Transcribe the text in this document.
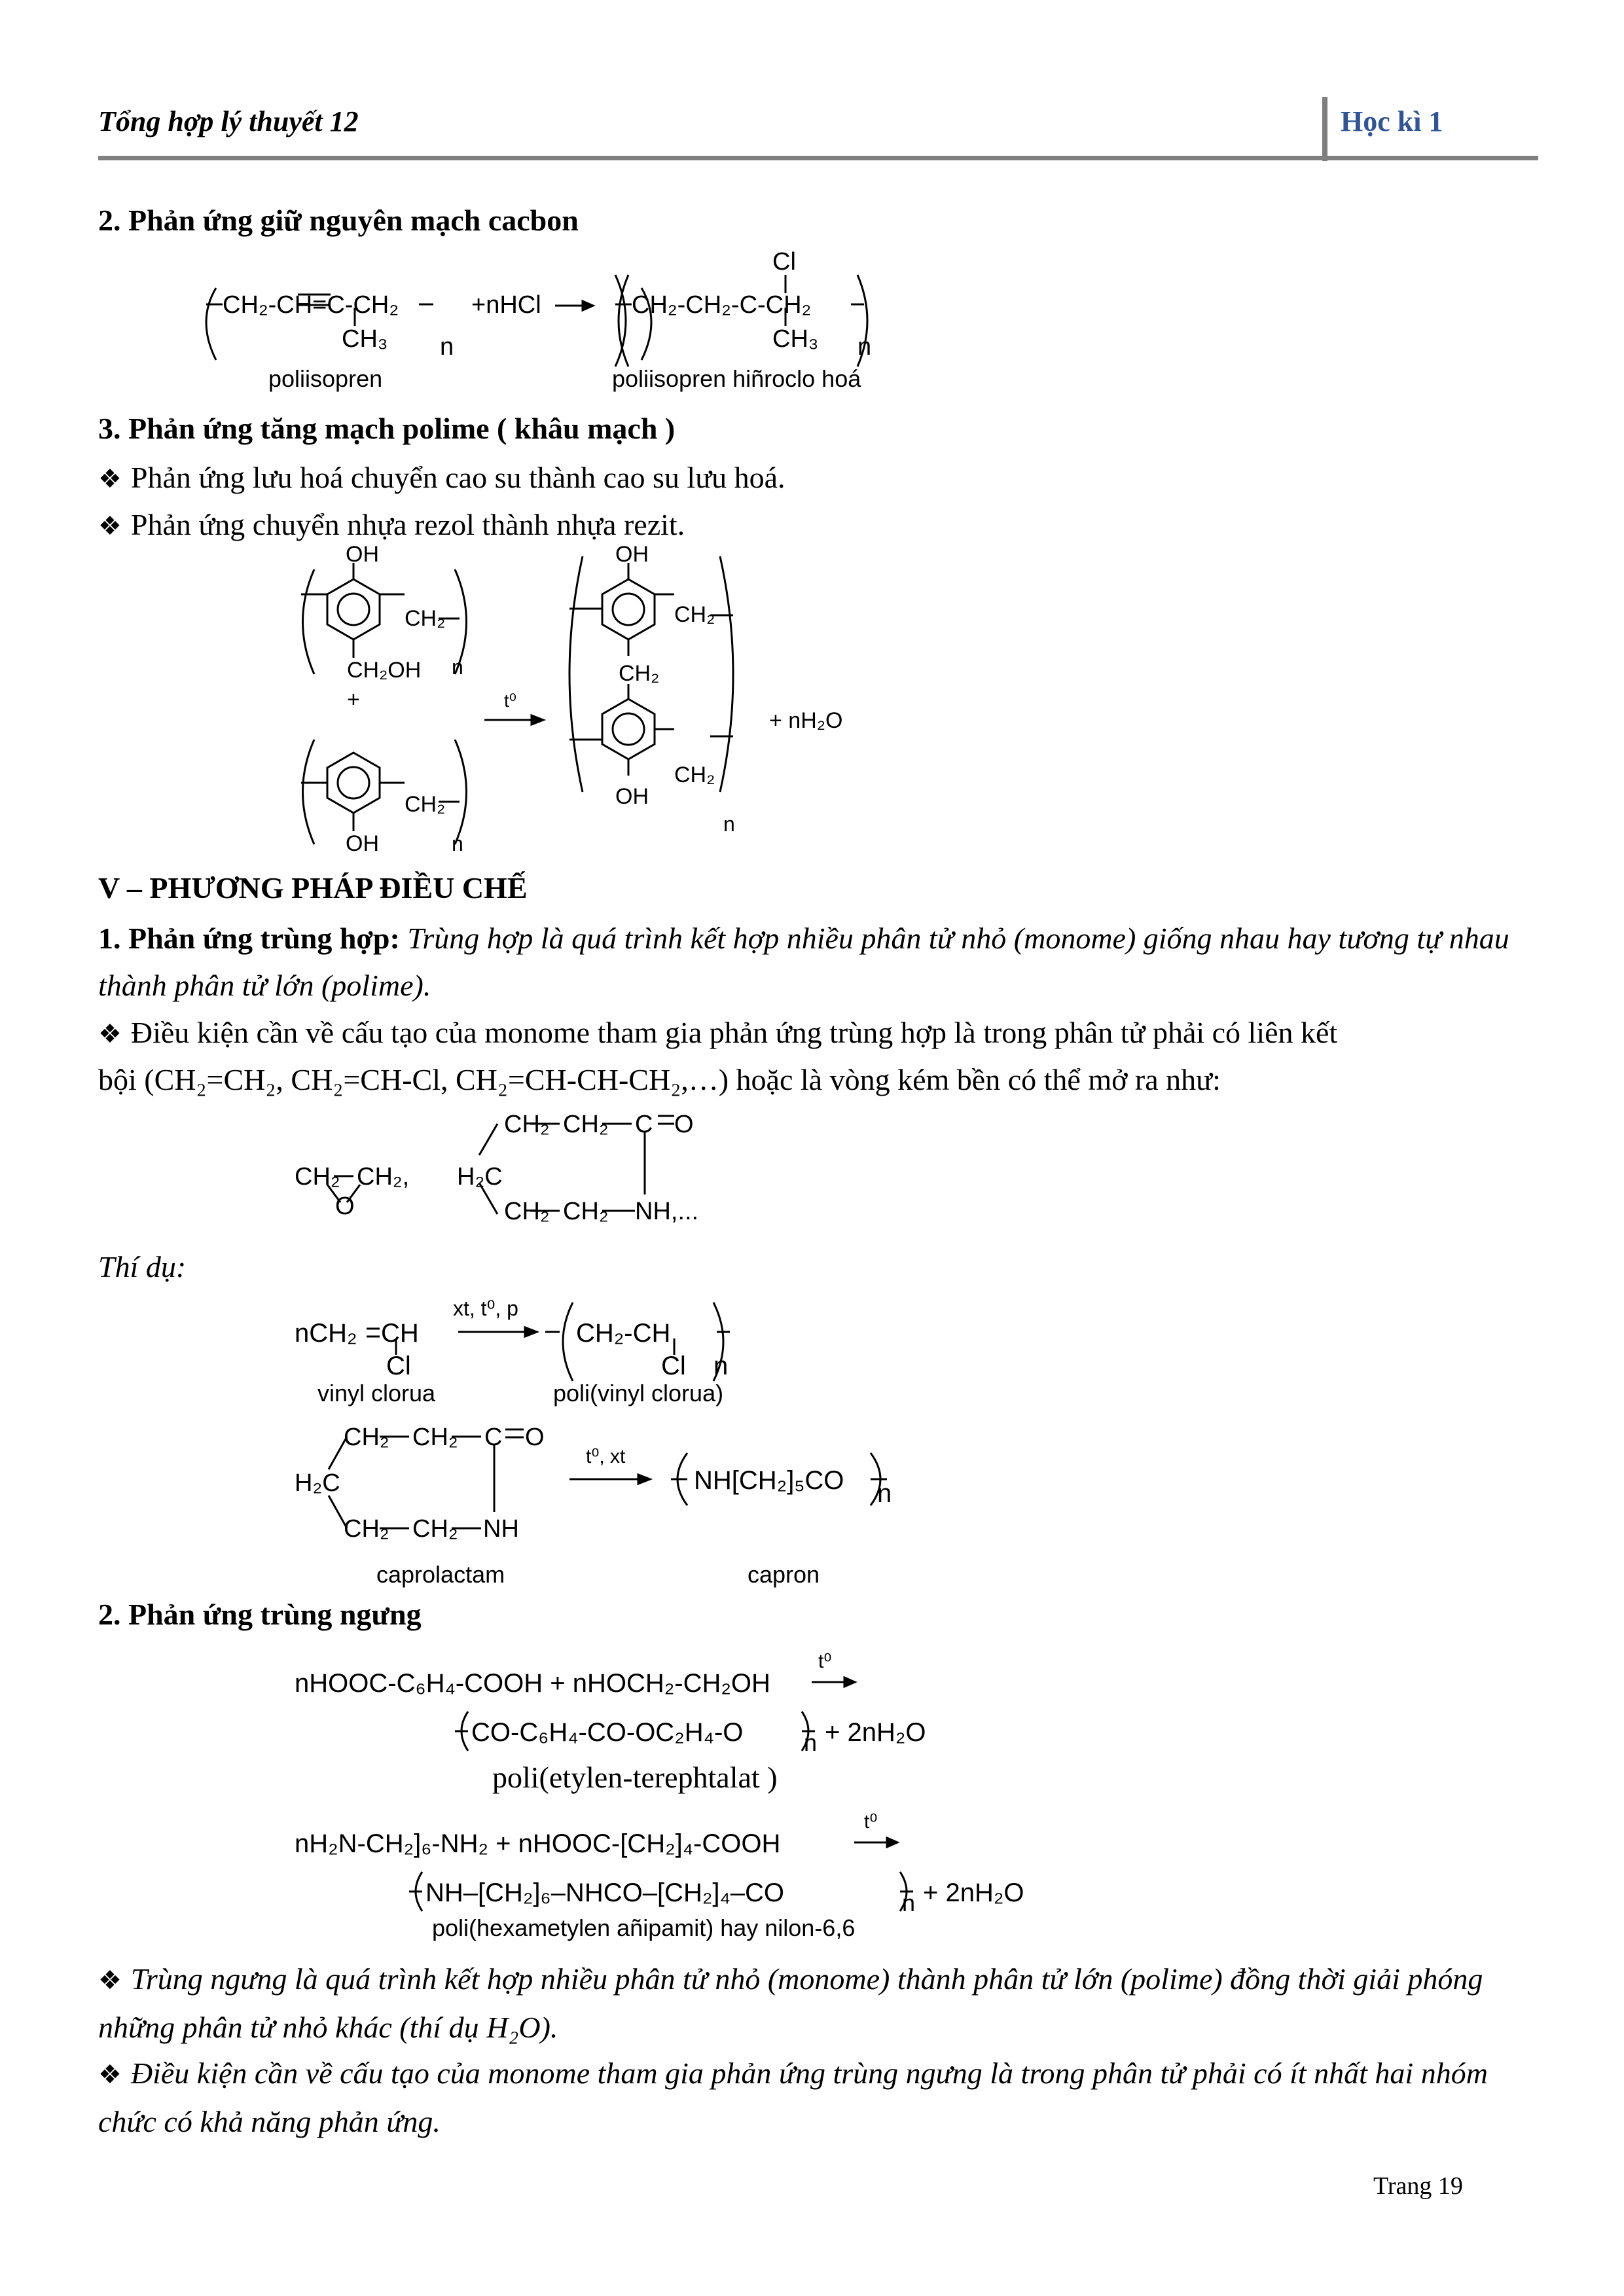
Tổng hợp lý thuyết 12	Học kì 1
2. Phản ứng giữ nguyên mạch cacbon
CH₂-CH=C-CH₂
CH₃ n
+nHCl	CH₂-CH₂-C-CH₂
Cl
CH₃ n
poliisopren	poliisopren hiñroclo hoá
3. Phản ứng tăng mạch polime ( khâu mạch )
❖ Phản ứng lưu hoá chuyển cao su thành cao su lưu hoá.
❖ Phản ứng chuyển nhựa rezol thành nhựa rezit.
OH
CH₂
CH₂OH n
+
CH₂
OH	n
t⁰
OH
CH₂
CH₂
CH₂
OH
n
+ nH₂O
V – PHƯƠNG PHÁP ĐIỀU CHẾ
1. Phản ứng trùng hợp: Trùng hợp là quá trình kết hợp nhiều phân tử nhỏ (monome) giống nhau hay tương tự nhau thành phân tử lớn (polime).
❖ Điều kiện cần về cấu tạo của monome tham gia phản ứng trùng hợp là trong phân tử phải có liên kết
bội (CH₂=CH₂, CH₂=CH-Cl, CH₂=CH-CH-CH₂,…) hoặc là vòng kém bền có thể mở ra như:
CH₂ CH₂,
O
H₂C
CH₂ CH₂ C O
CH₂ CH₂ NH,...
Thí dụ:
nCH₂ CH
Cl
xt, t⁰, p
CH₂-CH
Cl n
vinyl clorua	poli(vinyl clorua)
CH₂ CH₂ C O
H₂C
CH₂ CH₂ NH
t⁰, xt
NH[CH₂]₅CO n
caprolactam	capron
2. Phản ứng trùng ngưng
nHOOC-C₆H₄-COOH + nHOCH₂-CH₂OH
t⁰
CO-C₆H₄-CO-OC₂H₄-O	n + 2nH₂O
poli(etylen-terephtalat )
nH₂N-CH₂]₆-NH₂ + nHOOC-[CH₂]₄-COOH
t⁰
NH–[CH₂]₆–NHCO–[CH₂]₄–CO	n + 2nH₂O
poli(hexametylen añipamit) hay nilon-6,6
❖ Trùng ngưng là quá trình kết hợp nhiều phân tử nhỏ (monome) thành phân tử lớn (polime) đồng thời giải phóng những phân tử nhỏ khác (thí dụ H₂O).
❖ Điều kiện cần về cấu tạo của monome tham gia phản ứng trùng ngưng là trong phân tử phải có ít nhất hai nhóm chức có khả năng phản ứng.
Trang 19
